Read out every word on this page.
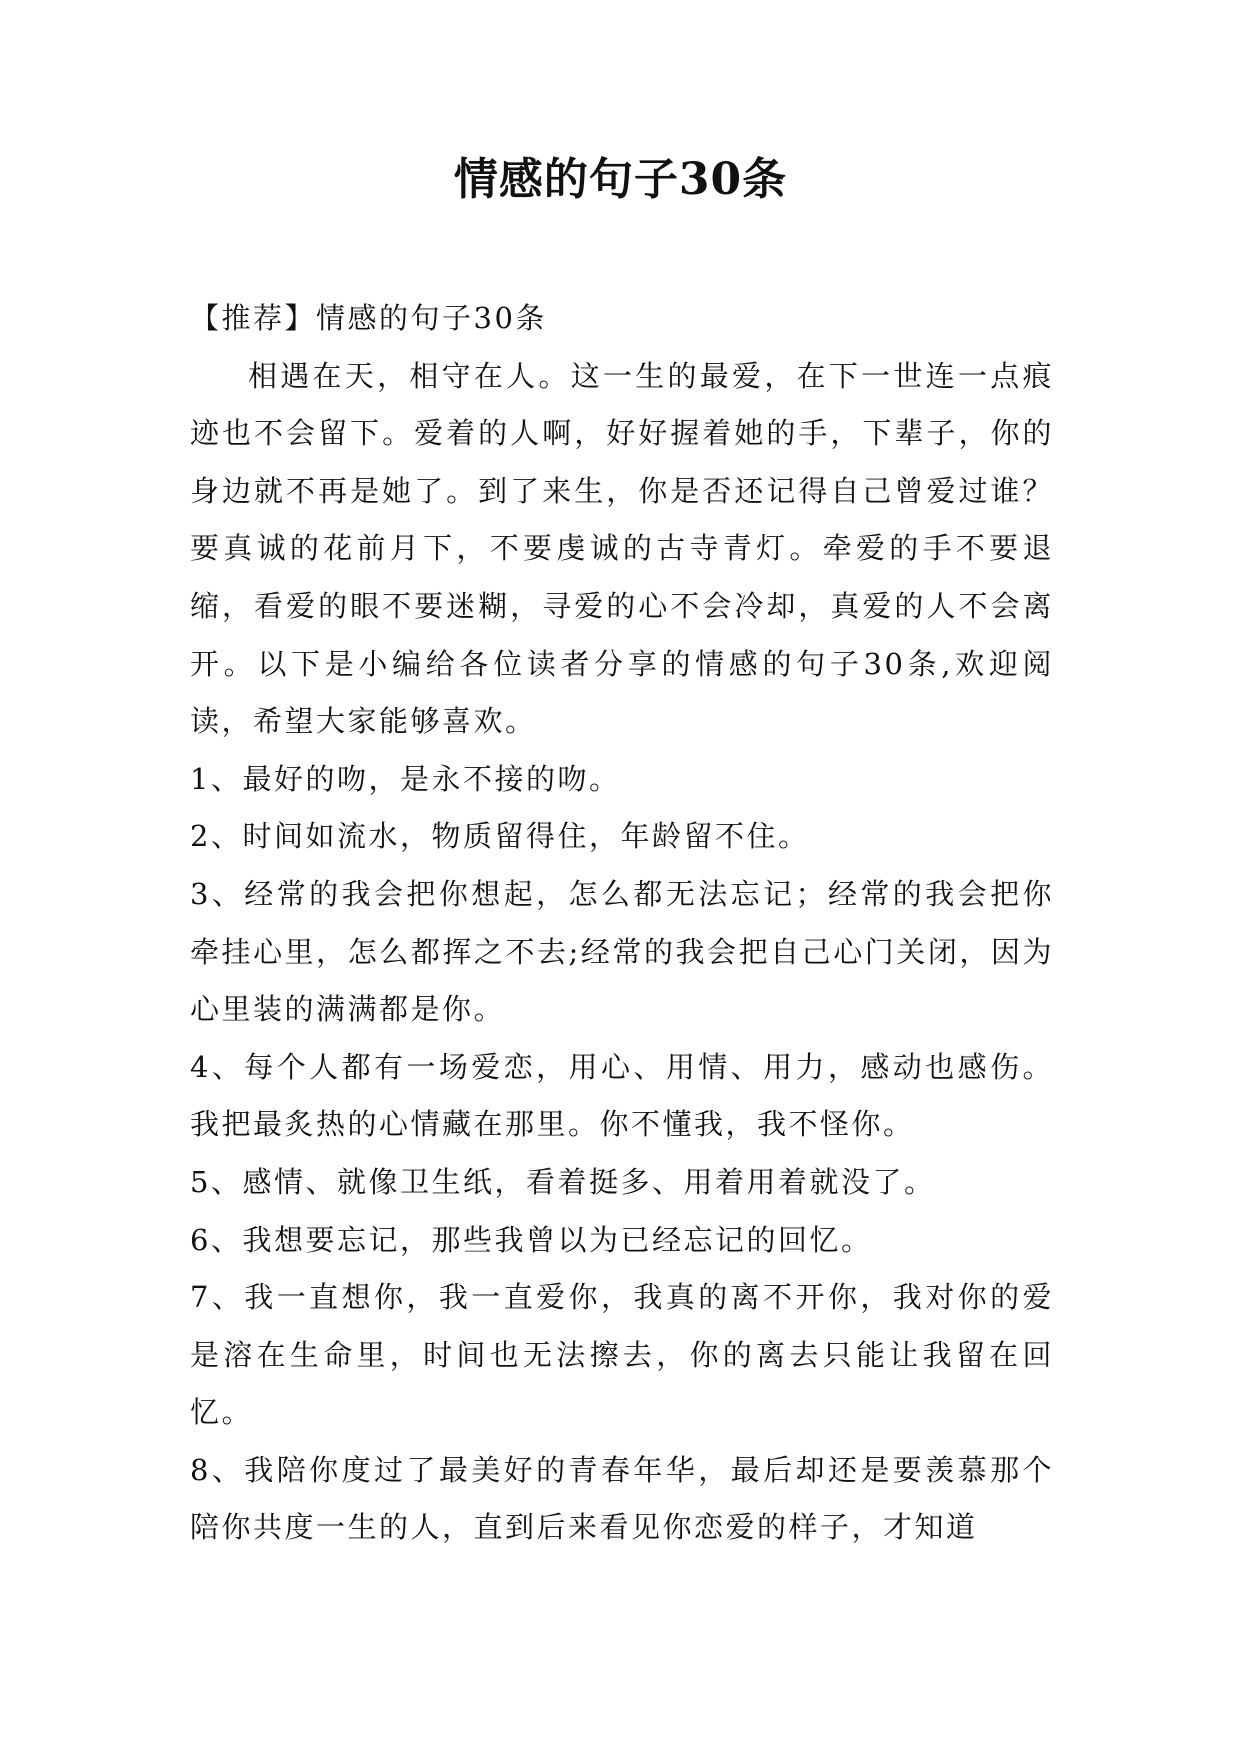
情感的句子30条

【推荐】情感的句子30条

相遇在天，相守在人。这一生的最爱，在下一世连一点痕迹也不会留下。爱着的人啊，好好握着她的手，下辈子，你的身边就不再是她了。到了来生，你是否还记得自己曾爱过谁？要真诚的花前月下，不要虔诚的古寺青灯。牵爱的手不要退缩，看爱的眼不要迷糊，寻爱的心不会冷却，真爱的人不会离开。以下是小编给各位读者分享的情感的句子30条,欢迎阅读，希望大家能够喜欢。

1、最好的吻，是永不接的吻。

2、时间如流水，物质留得住，年龄留不住。

3、经常的我会把你想起，怎么都无法忘记；经常的我会把你牵挂心里，怎么都挥之不去;经常的我会把自己心门关闭，因为心里装的满满都是你。

4、每个人都有一场爱恋，用心、用情、用力，感动也感伤。我把最炙热的心情藏在那里。你不懂我，我不怪你。

5、感情、就像卫生纸，看着挺多、用着用着就没了。

6、我想要忘记，那些我曾以为已经忘记的回忆。

7、我一直想你，我一直爱你，我真的离不开你，我对你的爱是溶在生命里，时间也无法擦去，你的离去只能让我留在回忆。

8、我陪你度过了最美好的青春年华，最后却还是要羡慕那个陪你共度一生的人，直到后来看见你恋爱的样子，才知道
